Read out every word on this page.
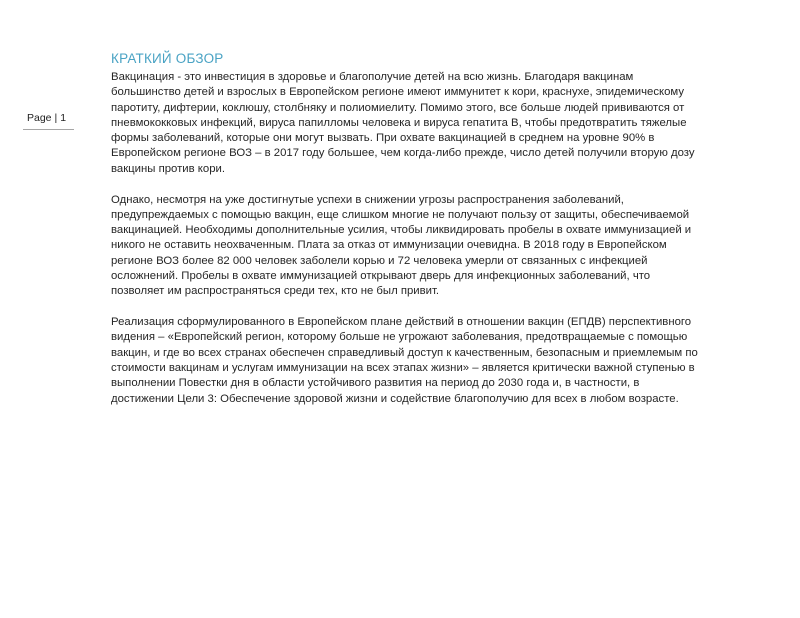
Page | 1
КРАТКИЙ ОБЗОР

Вакцинация - это инвестиция в здоровье и благополучие детей на всю жизнь. Благодаря вакцинам большинство детей и взрослых в Европейском регионе имеют иммунитет к кори, краснухе, эпидемическому паротиту, дифтерии, коклюшу, столбняку и полиомиелиту. Помимо этого, все больше людей прививаются от пневмококковых инфекций, вируса папилломы человека и вируса гепатита B, чтобы предотвратить тяжелые формы заболеваний, которые они могут вызвать. При охвате вакцинацией в среднем на уровне 90% в Европейском регионе ВОЗ – в 2017 году большее, чем когда-либо прежде, число детей получили вторую дозу вакцины против кори.

Однако, несмотря на уже достигнутые успехи в снижении угрозы распространения заболеваний, предупреждаемых с помощью вакцин, еще слишком многие не получают пользу от защиты, обеспечиваемой вакцинацией. Необходимы дополнительные усилия, чтобы ликвидировать пробелы в охвате иммунизацией и никого не оставить неохваченным. Плата за отказ от иммунизации очевидна. В 2018 году в Европейском регионе ВОЗ более 82 000 человек заболели корью и 72 человека умерли от связанных с инфекцией осложнений. Пробелы в охвате иммунизацией открывают дверь для инфекционных заболеваний, что позволяет им распространяться среди тех, кто не был привит.

Реализация сформулированного в Европейском плане действий в отношении вакцин (ЕПДВ) перспективного видения – «Европейский регион, которому больше не угрожают заболевания, предотвращаемые с помощью вакцин, и где во всех странах обеспечен справедливый доступ к качественным, безопасным и приемлемым по стоимости вакцинам и услугам иммунизации на всех этапах жизни» – является критически важной ступенью в выполнении Повестки дня в области устойчивого развития на период до 2030 года и, в частности, в достижении Цели 3: Обеспечение здоровой жизни и содействие благополучию для всех в любом возрасте.
